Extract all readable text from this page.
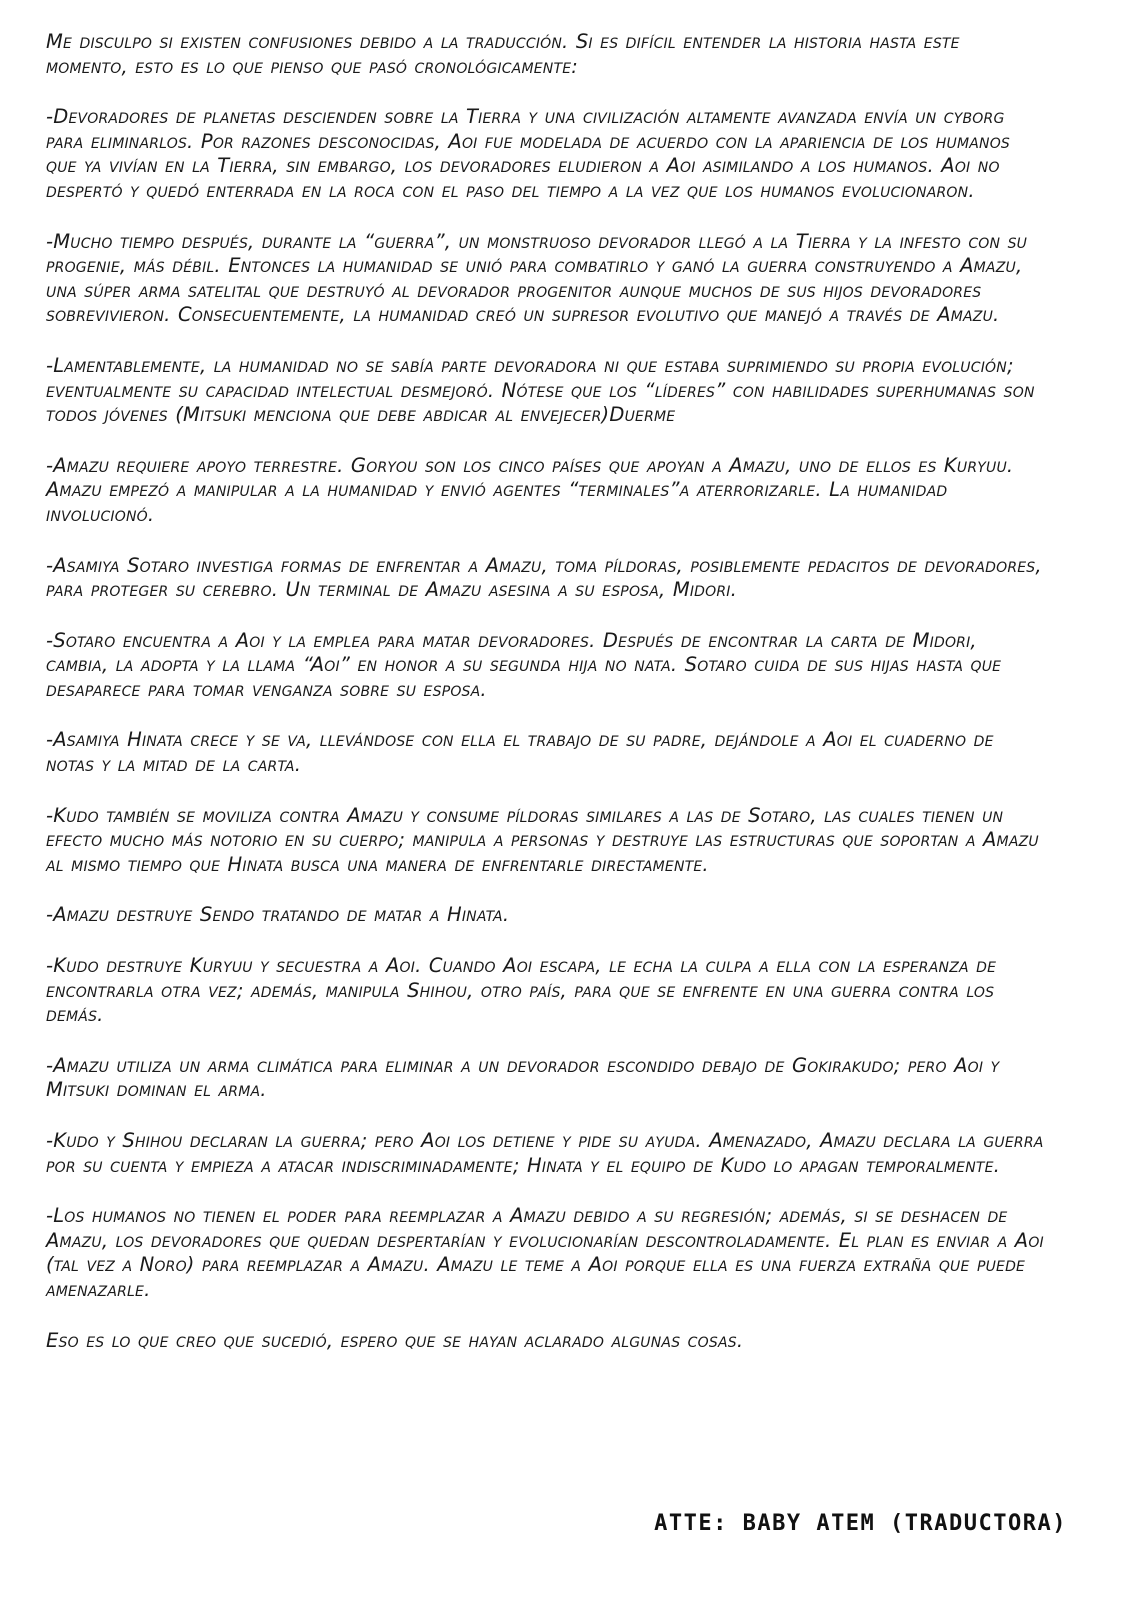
Me disculpo si existen confusiones debido a la traducción. Si es difícil entender la historia hasta este momento, esto es lo que pienso que pasó cronológicamente:

-Devoradores de planetas descienden sobre la Tierra y una civilización altamente avanzada envía un cyborg para eliminarlos. Por razones desconocidas, Aoi fue modelada de acuerdo con la apariencia de los humanos que ya vivían en la Tierra, sin embargo, los devoradores eludieron a Aoi asimilando a los humanos. Aoi no despertó y quedó enterrada en la roca con el paso del tiempo a la vez que los humanos evolucionaron.

-Mucho tiempo después, durante la “guerra”, un monstruoso devorador llegó a la Tierra y la infesto con su progenie, más débil. Entonces la humanidad se unió para combatirlo y ganó la guerra construyendo a Amazu, una súper arma satelital que destruyó al devorador progenitor aunque muchos de sus hijos devoradores sobrevivieron. Consecuentemente, la humanidad creó un supresor evolutivo que manejó a través de Amazu.

-Lamentablemente, la humanidad no se sabía parte devoradora ni que estaba suprimiendo su propia evolución; eventualmente su capacidad intelectual desmejoró. Nótese que los “líderes” con habilidades superhumanas son todos jóvenes (Mitsuki menciona que debe abdicar al envejecer)Duerme

-Amazu requiere apoyo terrestre. Goryou son los cinco países que apoyan a Amazu, uno de ellos es Kuryuu. Amazu empezó a manipular a la humanidad y envió agentes “terminales”a aterrorizarle. La humanidad involucionó.

-Asamiya Sotaro investiga formas de enfrentar a Amazu, toma píldoras, posiblemente pedacitos de devoradores, para proteger su cerebro. Un terminal de Amazu asesina a su esposa, Midori.

-Sotaro encuentra a Aoi y la emplea para matar devoradores. Después de encontrar la carta de Midori, cambia, la adopta y la llama “Aoi” en honor a su segunda hija no nata. Sotaro cuida de sus hijas hasta que desaparece para tomar venganza sobre su esposa.

-Asamiya Hinata crece y se va, llevándose con ella el trabajo de su padre, dejándole a Aoi el cuaderno de notas y la mitad de la carta.

-Kudo también se moviliza contra Amazu y consume píldoras similares a las de Sotaro, las cuales tienen un efecto mucho más notorio en su cuerpo; manipula a personas y destruye las estructuras que soportan a Amazu al mismo tiempo que Hinata busca una manera de enfrentarle directamente.

-Amazu destruye Sendo tratando de matar a Hinata.

-Kudo destruye Kuryuu y secuestra a Aoi. Cuando Aoi escapa, le echa la culpa a ella con la esperanza de encontrarla otra vez; además, manipula Shihou, otro país, para que se enfrente en una guerra contra los demás.

-Amazu utiliza un arma climática para eliminar a un devorador escondido debajo de Gokirakudo; pero Aoi y Mitsuki dominan el arma.

-Kudo y Shihou declaran la guerra; pero Aoi los detiene y pide su ayuda. Amenazado, Amazu declara la guerra por su cuenta y empieza a atacar indiscriminadamente; Hinata y el equipo de Kudo lo apagan temporalmente.

-Los humanos no tienen el poder para reemplazar a Amazu debido a su regresión; además, si se deshacen de Amazu, los devoradores que quedan despertarían y evolucionarían descontroladamente. El plan es enviar a Aoi (tal vez a Noro) para reemplazar a Amazu. Amazu le teme a Aoi porque ella es una fuerza extraña que puede amenazarle.

Eso es lo que creo que sucedió, espero que se hayan aclarado algunas cosas.

ATTE: BABY ATEM (TRADUCTORA)
